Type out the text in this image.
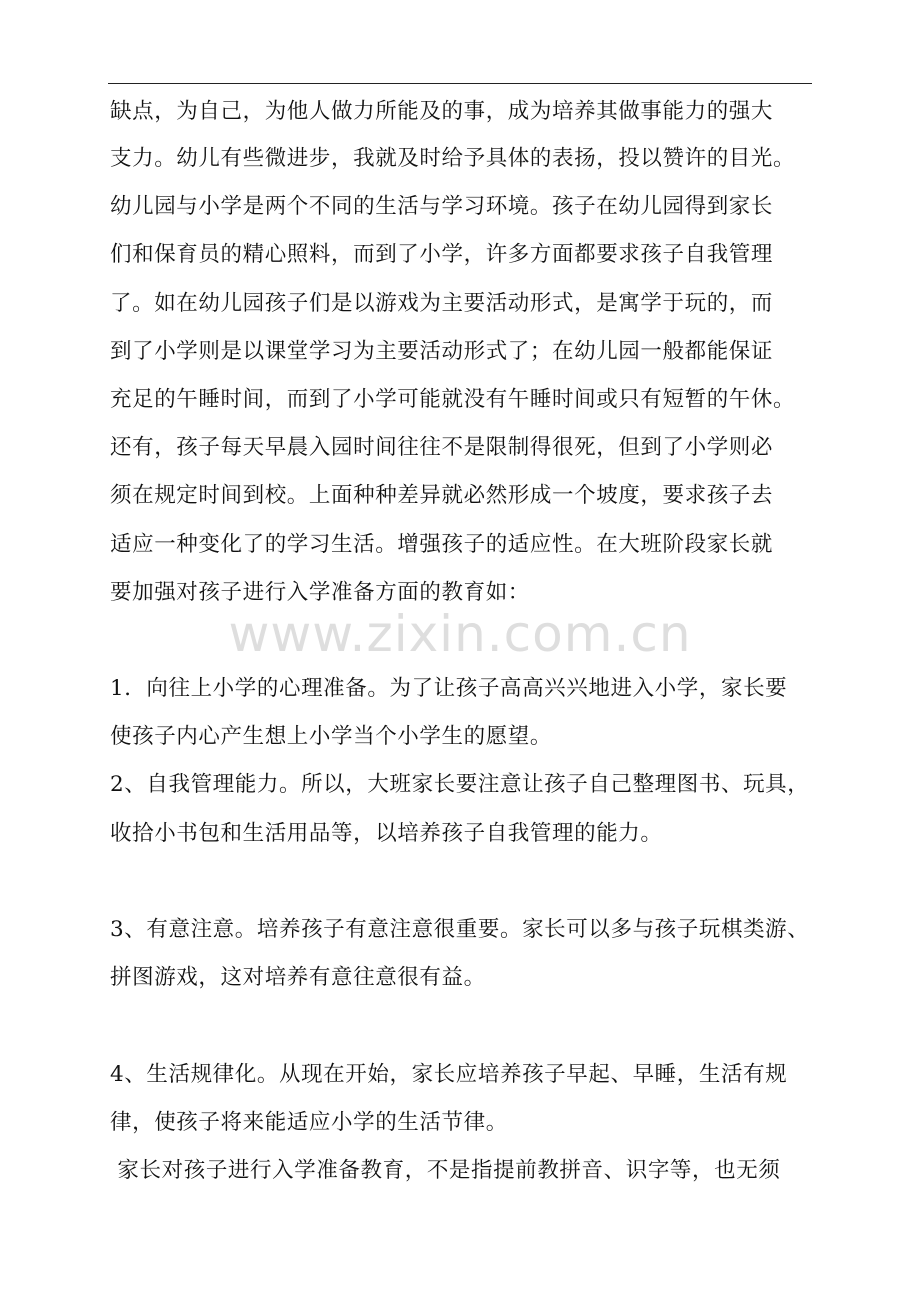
www.zixin.com.cn
缺点，为自己，为他人做力所能及的事，成为培养其做事能力的强大
支力。幼儿有些微进步，我就及时给予具体的表扬，投以赞许的目光。
幼儿园与小学是两个不同的生活与学习环境。孩子在幼儿园得到家长
们和保育员的精心照料，而到了小学，许多方面都要求孩子自我管理
了。如在幼儿园孩子们是以游戏为主要活动形式，是寓学于玩的，而
到了小学则是以课堂学习为主要活动形式了；在幼儿园一般都能保证
充足的午睡时间，而到了小学可能就没有午睡时间或只有短暂的午休。
还有，孩子每天早晨入园时间往往不是限制得很死，但到了小学则必
须在规定时间到校。上面种种差异就必然形成一个坡度，要求孩子去
适应一种变化了的学习生活。增强孩子的适应性。在大班阶段家长就
要加强对孩子进行入学准备方面的教育如：
1．向往上小学的心理准备。为了让孩子高高兴兴地进入小学，家长要
使孩子内心产生想上小学当个小学生的愿望。
2、自我管理能力。所以，大班家长要注意让孩子自己整理图书、玩具，
收拾小书包和生活用品等，以培养孩子自我管理的能力。
3、有意注意。培养孩子有意注意很重要。家长可以多与孩子玩棋类游、
拼图游戏，这对培养有意往意很有益。
4、生活规律化。从现在开始，家长应培养孩子早起、早睡，生活有规
律，使孩子将来能适应小学的生活节律。
家长对孩子进行入学准备教育，不是指提前教拼音、识字等，也无须
